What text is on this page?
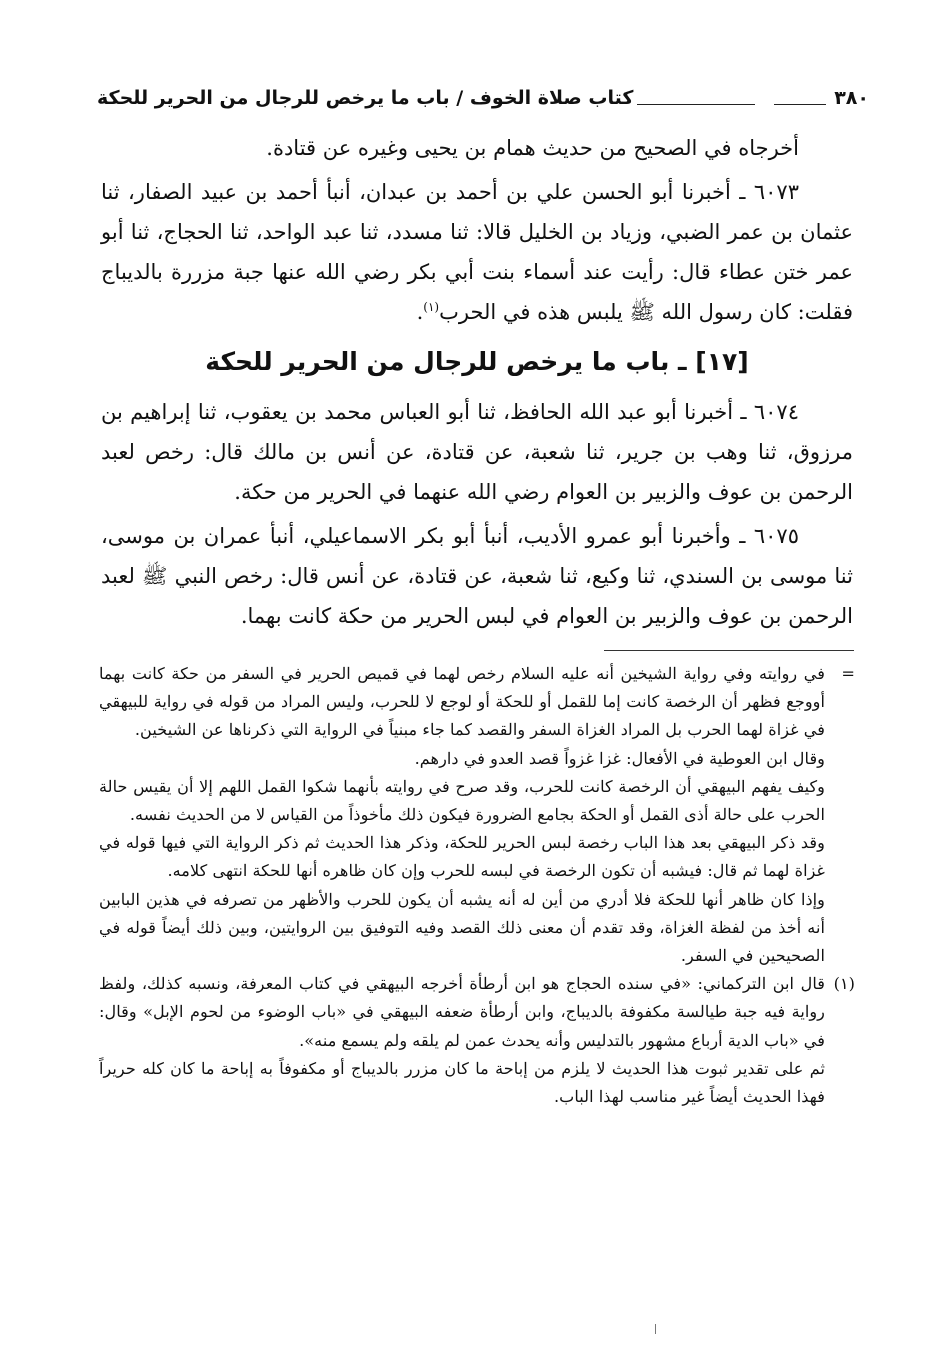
٣٨٠
كتاب صلاة الخوف / باب ما يرخص للرجال من الحرير للحكة

أخرجاه في الصحيح من حديث همام بن يحيى وغيره عن قتادة.

٦٠٧٣ ـ أخبرنا أبو الحسن علي بن أحمد بن عبدان، أنبأ أحمد بن عبيد الصفار، ثنا عثمان بن عمر الضبي، وزياد بن الخليل قالا: ثنا مسدد، ثنا عبد الواحد، ثنا الحجاج، ثنا أبو عمر ختن عطاء قال: رأيت عند أسماء بنت أبي بكر رضي الله عنها جبة مزررة بالديباج فقلت: كان رسول الله ﷺ يلبس هذه في الحرب$^{(١)}$.

[١٧] ـ باب ما يرخص للرجال من الحرير للحكة

٦٠٧٤ ـ أخبرنا أبو عبد الله الحافظ، ثنا أبو العباس محمد بن يعقوب، ثنا إبراهيم بن مرزوق، ثنا وهب بن جرير، ثنا شعبة، عن قتادة، عن أنس بن مالك قال: رخص لعبد الرحمن بن عوف والزبير بن العوام رضي الله عنهما في الحرير من حكة.

٦٠٧٥ ـ وأخبرنا أبو عمرو الأديب، أنبأ أبو بكر الاسماعيلي، أنبأ عمران بن موسى، ثنا موسى بن السندي، ثنا وكيع، ثنا شعبة، عن قتادة، عن أنس قال: رخص النبي ﷺ لعبد الرحمن بن عوف والزبير بن العوام في لبس الحرير من حكة كانت بهما.

=
في روايته وفي رواية الشيخين أنه عليه السلام رخص لهما في قميص الحرير في السفر من حكة كانت بهما أووجع فظهر أن الرخصة كانت إما للقمل أو للحكة أو لوجع لا للحرب، وليس المراد من قوله في رواية للبيهقي في غزاة لهما الحرب بل المراد الغزاة السفر والقصد كما جاء مبنياً في الرواية التي ذكرناها عن الشيخين.
وقال ابن العوطية في الأفعال: غزا غزواً قصد العدو في دارهم.
وكيف يفهم البيهقي أن الرخصة كانت للحرب، وقد صرح في روايته بأنهما شكوا القمل اللهم إلا أن يقيس حالة الحرب على حالة أذى القمل أو الحكة بجامع الضرورة فيكون ذلك مأخوذاً من القياس لا من الحديث نفسه.
وقد ذكر البيهقي بعد هذا الباب رخصة لبس الحرير للحكة، وذكر هذا الحديث ثم ذكر الرواية التي فيها قوله في غزاة لهما ثم قال: فيشبه أن تكون الرخصة في لبسه للحرب وإن كان ظاهره أنها للحكة انتهى كلامه.
وإذا كان ظاهر أنها للحكة فلا أدري من أين له أنه يشبه أن يكون للحرب والأظهر من تصرفه في هذين البابين أنه أخذ من لفظة الغزاة، وقد تقدم أن معنى ذلك القصد وفيه التوفيق بين الروايتين، وبين ذلك أيضاً قوله في الصحيحين في السفر.

(١)
قال ابن التركماني: «في سنده الحجاج هو ابن أرطأة أخرجه البيهقي في كتاب المعرفة، ونسبه كذلك، ولفظ رواية فيه جبة طيالسة مكفوفة بالديباج، وابن أرطأة ضعفه البيهقي في «باب الوضوء من لحوم الإبل» وقال: في «باب الدية أرباع مشهور بالتدليس وأنه يحدث عمن لم يلقه ولم يسمع منه».
ثم على تقدير ثبوت هذا الحديث لا يلزم من إباحة ما كان مزرر بالديباج أو مكفوفاً به إباحة ما كان كله حريراً فهذا الحديث أيضاً غير مناسب لهذا الباب.
